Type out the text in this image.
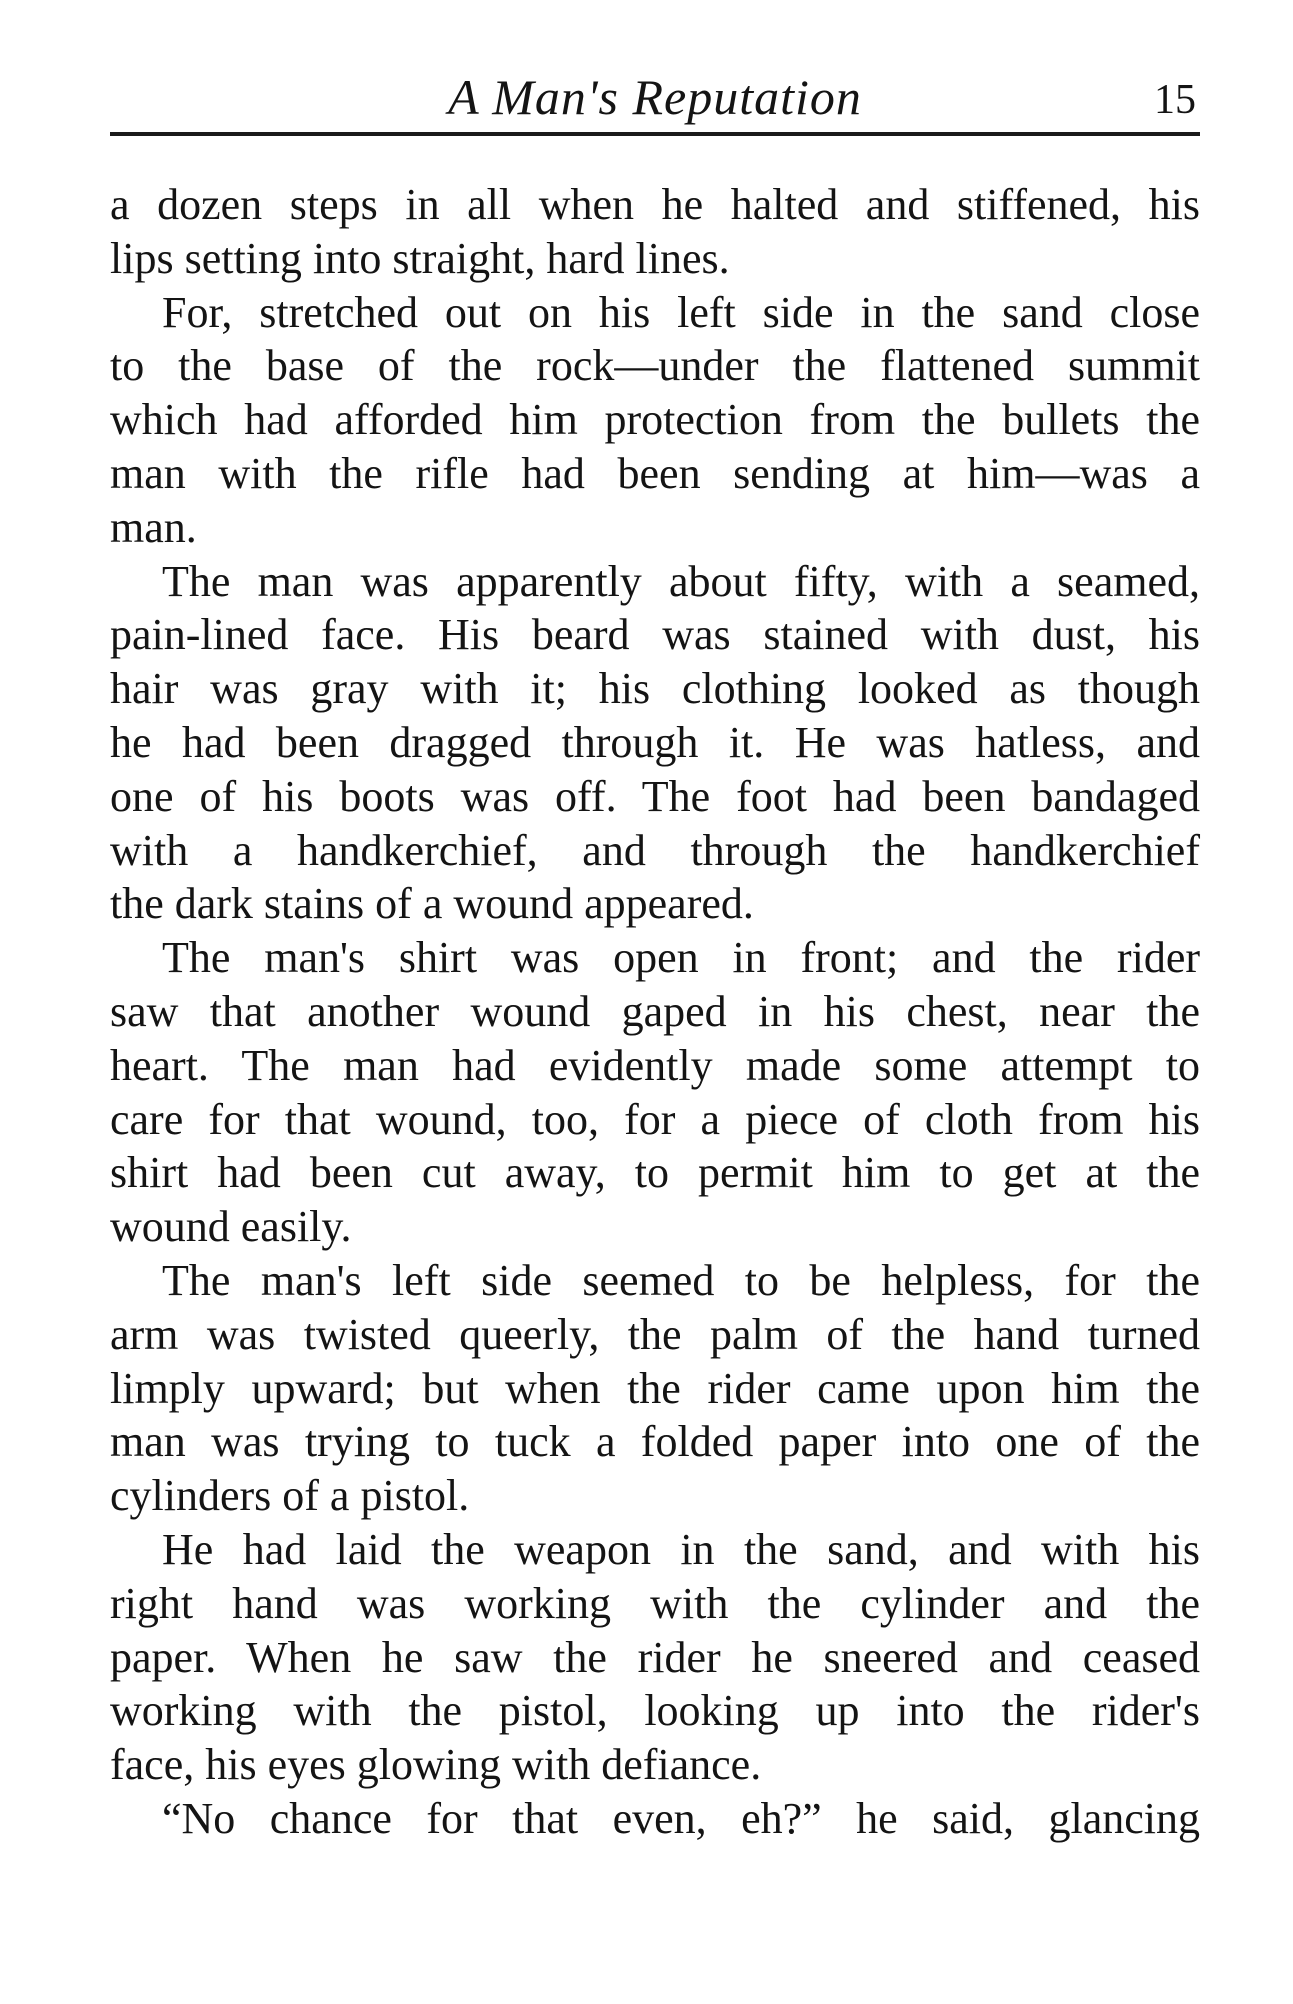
A Man's Reputation	15

a dozen steps in all when he halted and stiffened, his
lips setting into straight, hard lines.

For, stretched out on his left side in the sand close
to the base of the rock—under the flattened summit
which had afforded him protection from the bullets the
man with the rifle had been sending at him—was a
man.

The man was apparently about fifty, with a seamed,
pain-lined face. His beard was stained with dust, his
hair was gray with it; his clothing looked as though
he had been dragged through it. He was hatless, and
one of his boots was off. The foot had been bandaged
with a handkerchief, and through the handkerchief
the dark stains of a wound appeared.

The man's shirt was open in front; and the rider
saw that another wound gaped in his chest, near the
heart. The man had evidently made some attempt to
care for that wound, too, for a piece of cloth from his
shirt had been cut away, to permit him to get at the
wound easily.

The man's left side seemed to be helpless, for the
arm was twisted queerly, the palm of the hand turned
limply upward; but when the rider came upon him the
man was trying to tuck a folded paper into one of the
cylinders of a pistol.

He had laid the weapon in the sand, and with his
right hand was working with the cylinder and the
paper. When he saw the rider he sneered and ceased
working with the pistol, looking up into the rider's
face, his eyes glowing with defiance.

“No chance for that even, eh?” he said, glancing
